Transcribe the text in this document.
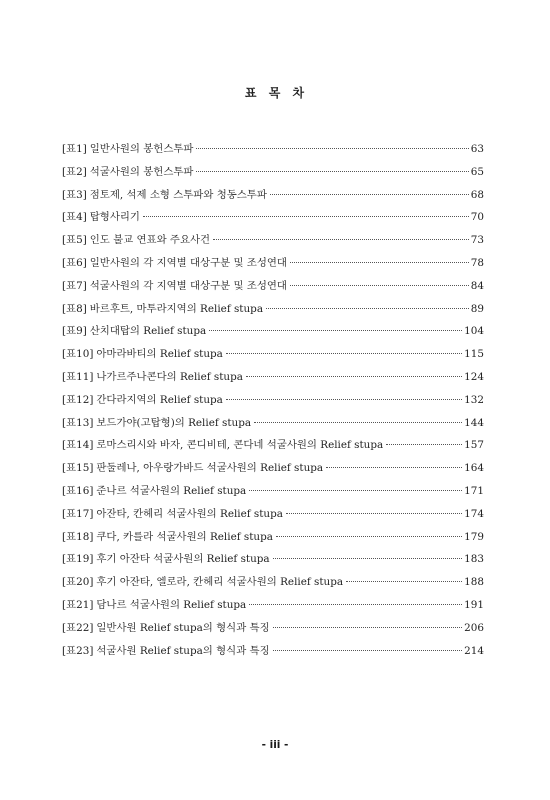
표 목 차
[표1] 일반사원의 봉헌스투파	63
[표2] 석굴사원의 봉헌스투파	65
[표3] 점토제, 석제 소형 스투파와 청동스투파	68
[표4] 탑형사리기	70
[표5] 인도 불교 연표와 주요사건	73
[표6] 일반사원의 각 지역별 대상구분 및 조성연대	78
[표7] 석굴사원의 각 지역별 대상구분 및 조성연대	84
[표8] 바르후트, 마투라지역의 Relief stupa	89
[표9] 산치대탑의 Relief stupa	104
[표10] 아마라바티의 Relief stupa	115
[표11] 나가르주나콘다의 Relief stupa	124
[표12] 간다라지역의 Relief stupa	132
[표13] 보드가야(고탑형)의 Relief stupa	144
[표14] 로마스리시와 바자, 콘디비테, 콘다네 석굴사원의 Relief stupa	157
[표15] 판둘레나, 아우랑가바드 석굴사원의 Relief stupa	164
[표16] 준나르 석굴사원의 Relief stupa	171
[표17] 아잔타, 칸헤리 석굴사원의 Relief stupa	174
[표18] 쿠다, 카를라 석굴사원의 Relief stupa	179
[표19] 후기 아잔타 석굴사원의 Relief stupa	183
[표20] 후기 아잔타, 엘로라, 칸헤리 석굴사원의 Relief stupa	188
[표21] 담나르 석굴사원의 Relief stupa	191
[표22] 일반사원 Relief stupa의 형식과 특징	206
[표23] 석굴사원 Relief stupa의 형식과 특징	214
- iii -
